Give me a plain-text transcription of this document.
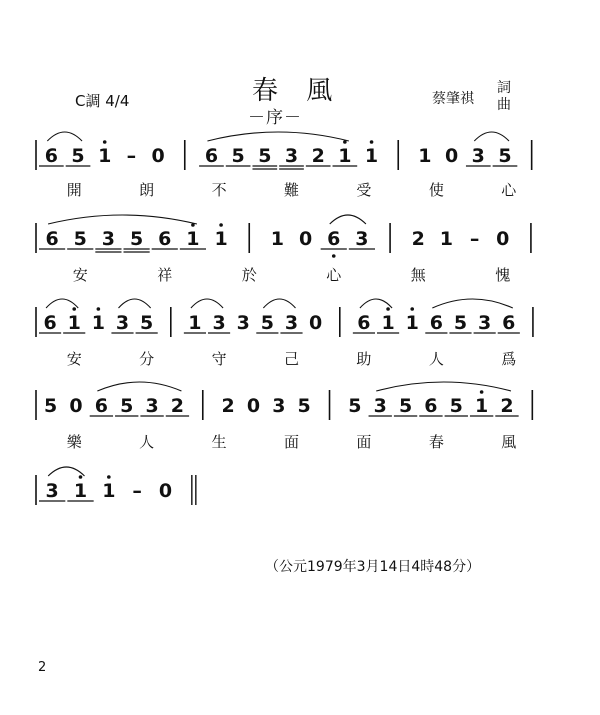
C調 4/4	春 風
－序－
蔡肇祺
詞
曲
6 5 1 – 0 6 5 5 3 2 1 1 1 0 3 5
開	朗	不	難	受	使	心
6 5 3 5 6 1 1 1 0 6 3 2 1 – 0
安	祥	於	心	無	愧
6 1 1 3 5 1 3 3 5 3 0 6 1 1 6 5 3 6
安	分	守	己	助	人	爲
5 0 6 5 3 2 2 0 3 5 5 3 5 6 5 1 2
樂	人	生	面	面	春	風
3 1 1 – 0
（公元1979年3月14日4時48分）
2
